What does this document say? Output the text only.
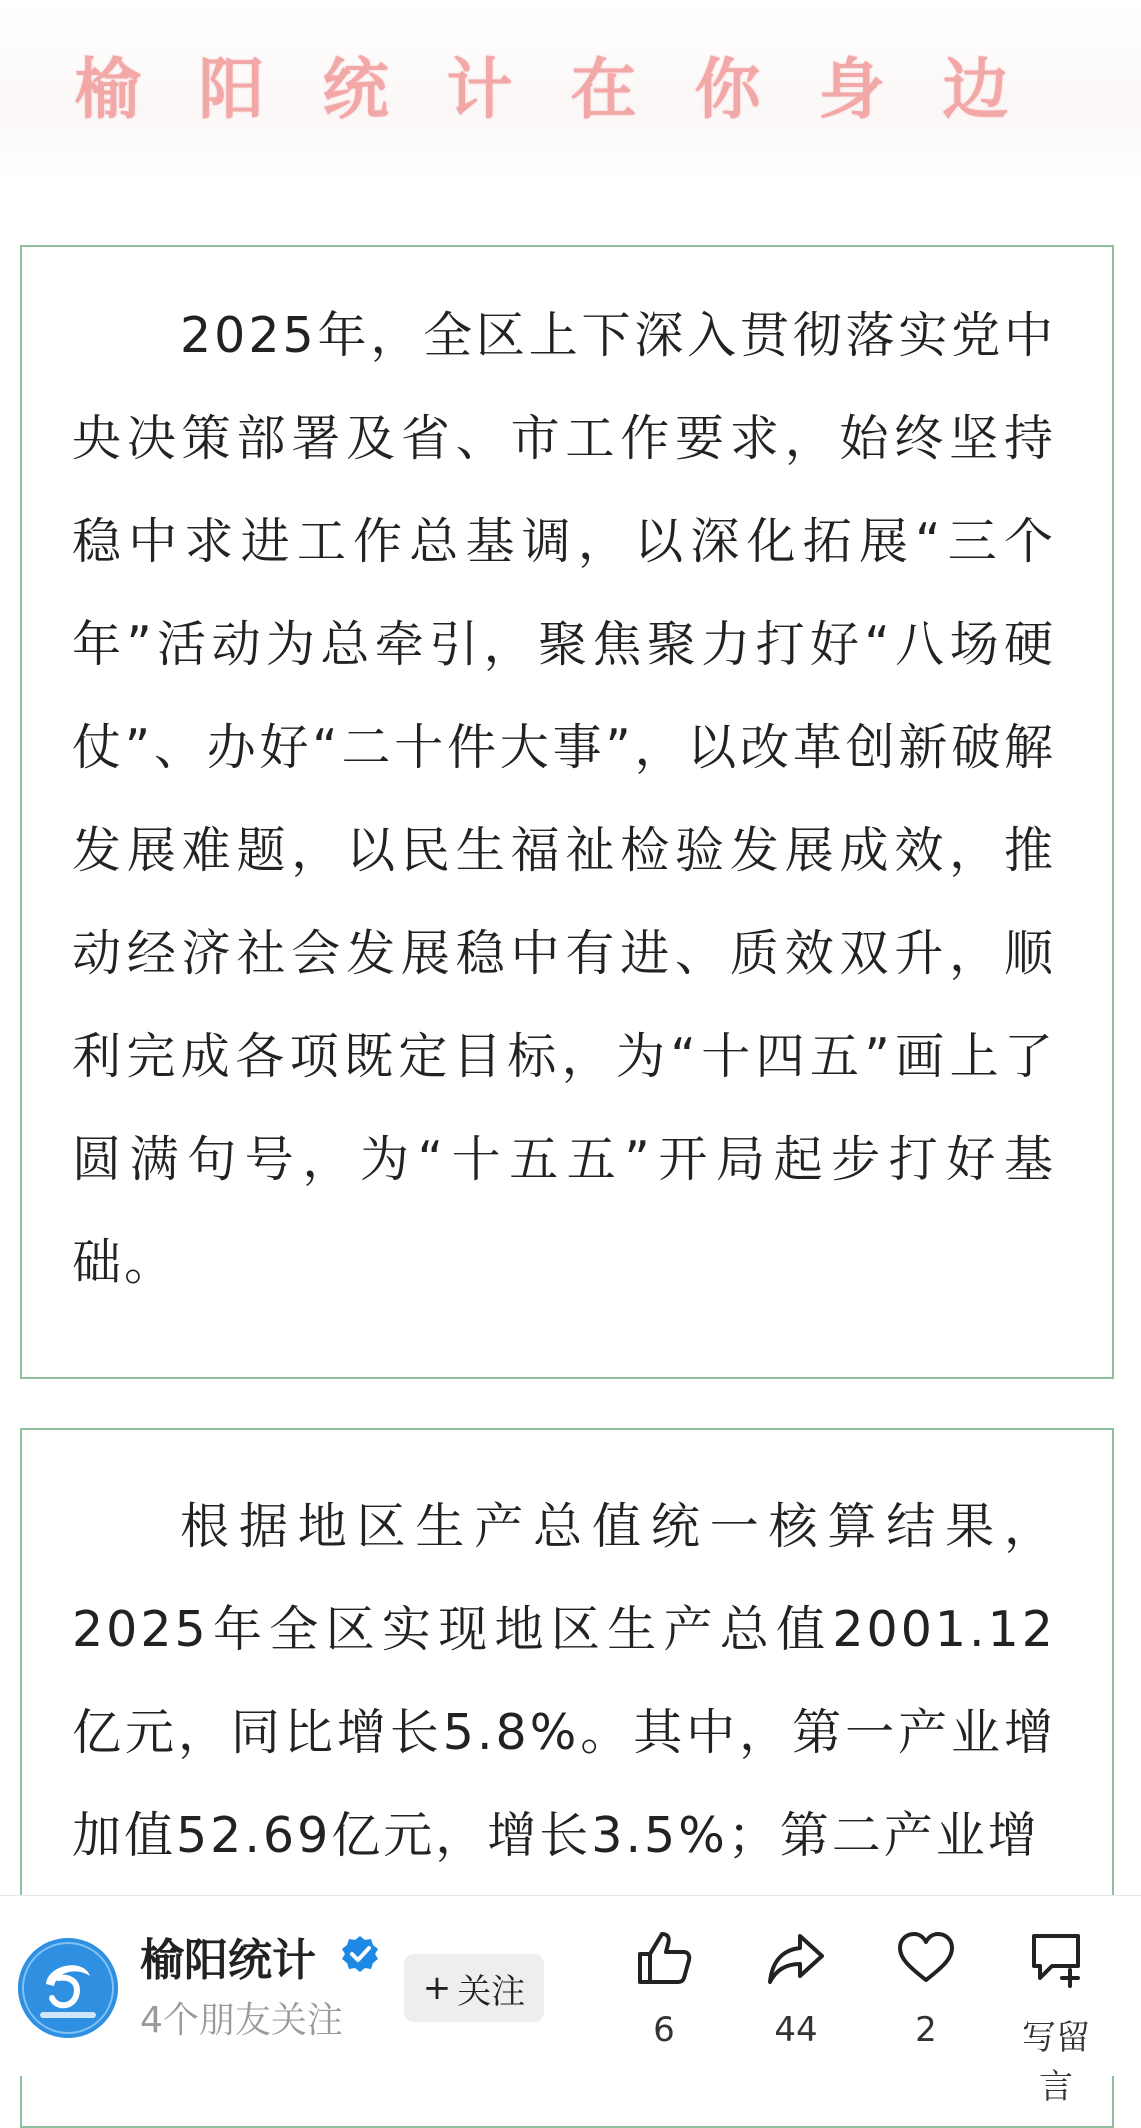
榆阳统计在你身边

2025年，全区上下深入贯彻落实党中央决策部署及省、市工作要求，始终坚持稳中求进工作总基调，以深化拓展“三个年”活动为总牵引，聚焦聚力打好“八场硬仗”、办好“二十件大事”，以改革创新破解发展难题，以民生福祉检验发展成效，推动经济社会发展稳中有进、质效双升，顺利完成各项既定目标，为“十四五”画上了圆满句号，为“十五五”开局起步打好基础。

根据地区生产总值统一核算结果，2025年全区实现地区生产总值2001.12亿元，同比增长5.8%。其中，第一产业增加值52.69亿元，增长3.5%；第二产业增

榆阳统计
4个朋友关注
+ 关注
6	44	2	写留言
